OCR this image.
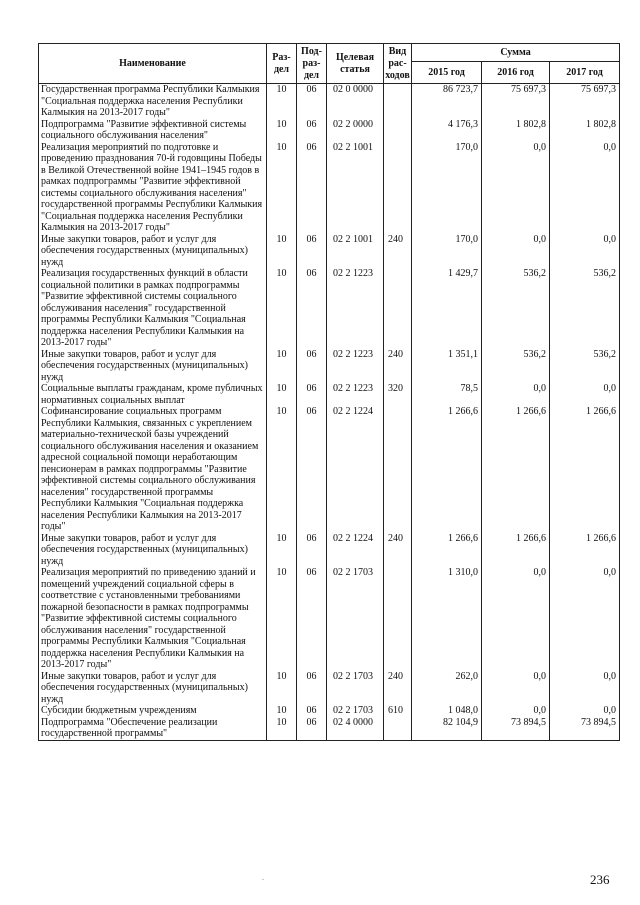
Наименование	Раз-дел	Под-раз-дел	Целевая статья	Вид рас-ходов	Сумма		
					2015 год	2016 год	2017 год
Государственная программа Республики Калмыкия "Социальная поддержка населения Республики Калмыкия на 2013-2017 годы"	10	06	02 0 0000		86 723,7	75 697,3	75 697,3
Подпрограмма "Развитие эффективной системы социального обслуживания населения"	10	06	02 2 0000		4 176,3	1 802,8	1 802,8
Реализация мероприятий по подготовке и проведению празднования 70-й годовщины Победы в Великой Отечественной войне 1941–1945 годов в рамках подпрограммы "Развитие эффективной системы социального обслуживания населения" государственной программы Республики Калмыкия "Социальная поддержка населения Республики Калмыкия на 2013-2017 годы"	10	06	02 2 1001		170,0	0,0	0,0
Иные закупки товаров, работ и услуг для обеспечения государственных (муниципальных) нужд	10	06	02 2 1001	240	170,0	0,0	0,0
Реализация государственных функций в области социальной политики в рамках подпрограммы "Развитие эффективной системы социального обслуживания населения" государственной программы Республики Калмыкия "Социальная поддержка населения Республики Калмыкия на 2013-2017 годы"	10	06	02 2 1223		1 429,7	536,2	536,2
Иные закупки товаров, работ и услуг для обеспечения государственных (муниципальных) нужд	10	06	02 2 1223	240	1 351,1	536,2	536,2
Социальные выплаты гражданам, кроме публичных нормативных социальных выплат	10	06	02 2 1223	320	78,5	0,0	0,0
Софинансирование социальных программ Республики Калмыкия, связанных с укреплением материально-технической базы учреждений социального обслуживания населения и оказанием адресной социальной помощи неработающим пенсионерам в рамках подпрограммы "Развитие эффективной системы социального обслуживания населения" государственной программы Республики Калмыкия "Социальная поддержка населения Республики Калмыкия на 2013-2017 годы"	10	06	02 2 1224		1 266,6	1 266,6	1 266,6
Иные закупки товаров, работ и услуг для обеспечения государственных (муниципальных) нужд	10	06	02 2 1224	240	1 266,6	1 266,6	1 266,6
Реализация мероприятий по приведению зданий и помещений учреждений социальной сферы в соответствие с установленными требованиями пожарной безопасности в рамках подпрограммы "Развитие эффективной системы социального обслуживания населения" государственной программы Республики Калмыкия "Социальная поддержка населения Республики Калмыкия на 2013-2017 годы"	10	06	02 2 1703		1 310,0	0,0	0,0
Иные закупки товаров, работ и услуг для обеспечения государственных (муниципальных) нужд	10	06	02 2 1703	240	262,0	0,0	0,0
Субсидии бюджетным учреждениям	10	06	02 2 1703	610	1 048,0	0,0	0,0
Подпрограмма "Обеспечение реализации государственной программы"	10	06	02 4 0000		82 104,9	73 894,5	73 894,5
.	236
